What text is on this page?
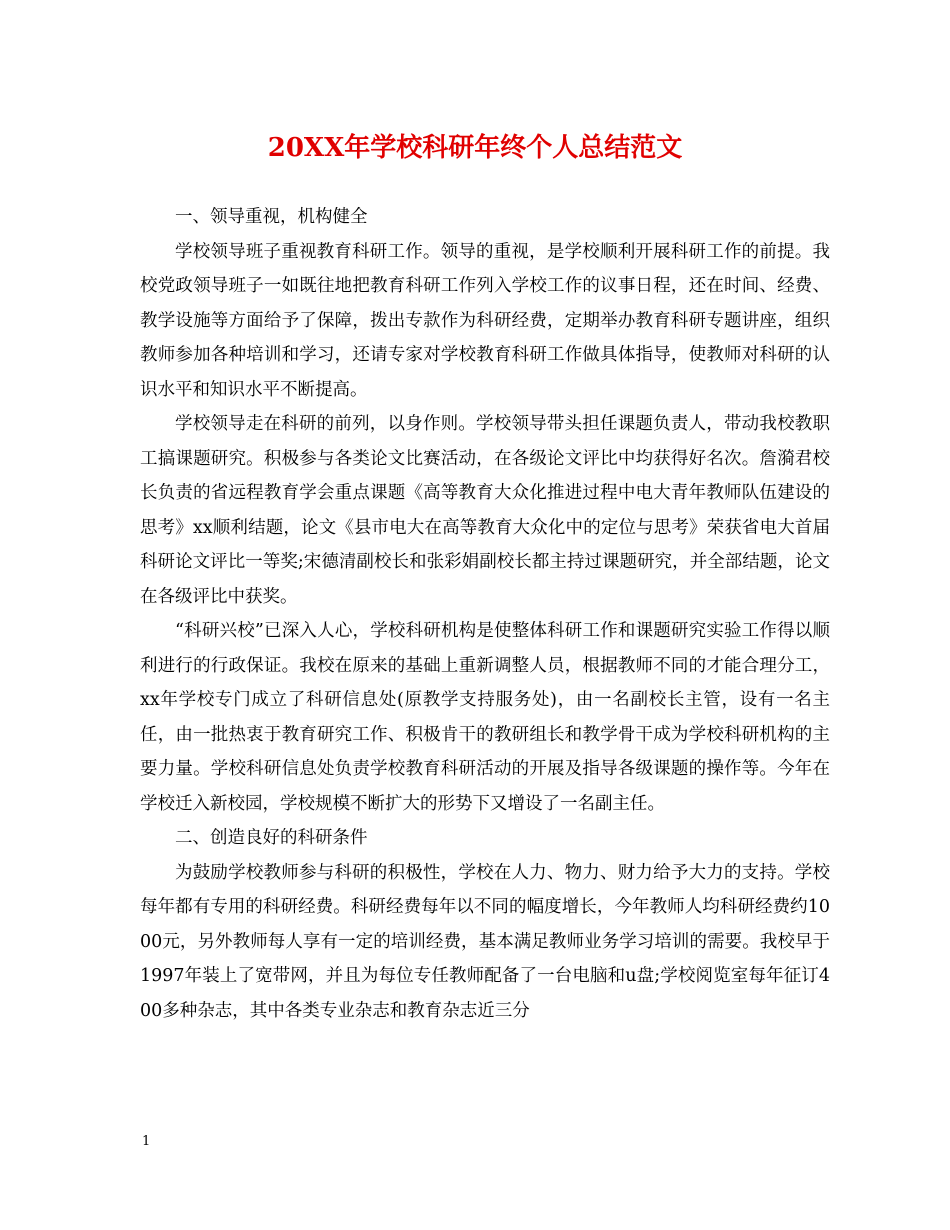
20XX年学校科研年终个人总结范文

一、领导重视，机构健全

学校领导班子重视教育科研工作。领导的重视，是学校顺利开展科研工作的前提。我校党政领导班子一如既往地把教育科研工作列入学校工作的议事日程，还在时间、经费、教学设施等方面给予了保障，拨出专款作为科研经费，定期举办教育科研专题讲座，组织教师参加各种培训和学习，还请专家对学校教育科研工作做具体指导，使教师对科研的认识水平和知识水平不断提高。

学校领导走在科研的前列，以身作则。学校领导带头担任课题负责人，带动我校教职工搞课题研究。积极参与各类论文比赛活动，在各级论文评比中均获得好名次。詹漪君校长负责的省远程教育学会重点课题《高等教育大众化推进过程中电大青年教师队伍建设的思考》xx顺利结题，论文《县市电大在高等教育大众化中的定位与思考》荣获省电大首届科研论文评比一等奖;宋德清副校长和张彩娟副校长都主持过课题研究，并全部结题，论文在各级评比中获奖。

“科研兴校”已深入人心，学校科研机构是使整体科研工作和课题研究实验工作得以顺利进行的行政保证。我校在原来的基础上重新调整人员，根据教师不同的才能合理分工，xx年学校专门成立了科研信息处(原教学支持服务处)，由一名副校长主管，设有一名主任，由一批热衷于教育研究工作、积极肯干的教研组长和教学骨干成为学校科研机构的主要力量。学校科研信息处负责学校教育科研活动的开展及指导各级课题的操作等。今年在学校迁入新校园，学校规模不断扩大的形势下又增设了一名副主任。

二、创造良好的科研条件

为鼓励学校教师参与科研的积极性，学校在人力、物力、财力给予大力的支持。学校每年都有专用的科研经费。科研经费每年以不同的幅度增长，今年教师人均科研经费约1000元，另外教师每人享有一定的培训经费，基本满足教师业务学习培训的需要。我校早于1997年装上了宽带网，并且为每位专任教师配备了一台电脑和u盘;学校阅览室每年征订400多种杂志，其中各类专业杂志和教育杂志近三分

1
